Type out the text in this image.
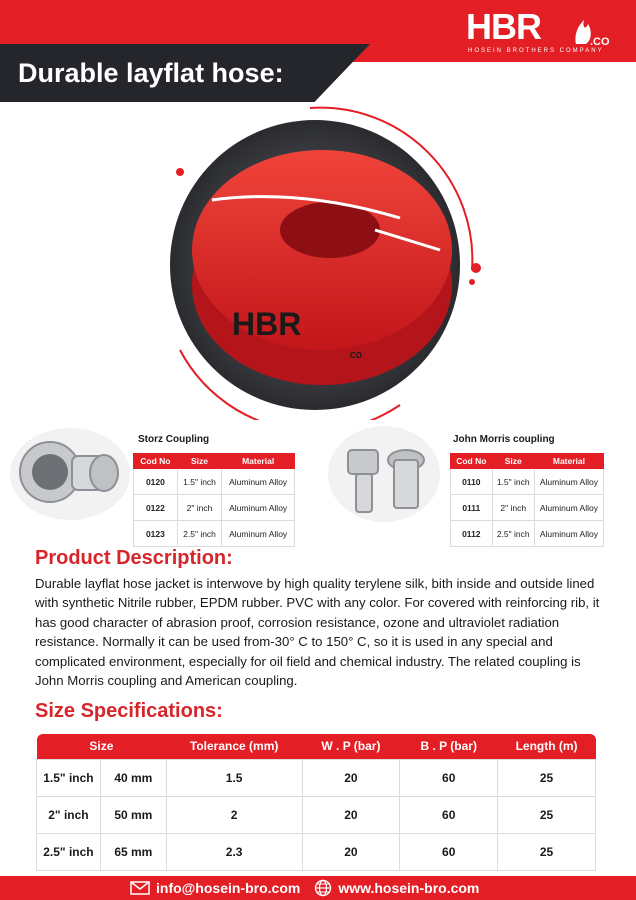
Durable layflat hose:
HBR	.CO
HOSEIN BROTHERS COMPANY
HBR
CO
Storz Coupling
Cod No	Size	Material
0120	1.5" inch	Aluminum Alloy
0122	2" inch	Aluminum Alloy
0123	2.5" inch	Aluminum Alloy
John Morris coupling
Cod No	Size	Material
0110	1.5" inch	Aluminum Alloy
0111	2" inch	Aluminum Alloy
0112	2.5" inch	Aluminum Alloy
Product Description:
Durable layflat hose jacket is interwove by high quality terylene silk, bith inside and outside lined with synthetic Nitrile rubber, EPDM rubber. PVC with any color. For covered with reinforcing rib, it has good character of abrasion proof, corrosion resistance, ozone and ultraviolet radiation resistance. Normally it can be used from-30° C to 150° C, so it is used in any special and complicated environment, especially for oil field and chemical industry. The related coupling is John Morris coupling and American coupling.
Size Specifications:
Size		Tolerance (mm)	W . P (bar)	B . P (bar)	Length (m)
1.5" inch	40 mm	1.5	20	60	25
2" inch	50 mm	2	20	60	25
2.5" inch	65 mm	2.3	20	60	25
info@hosein-bro.com	www.hosein-bro.com
